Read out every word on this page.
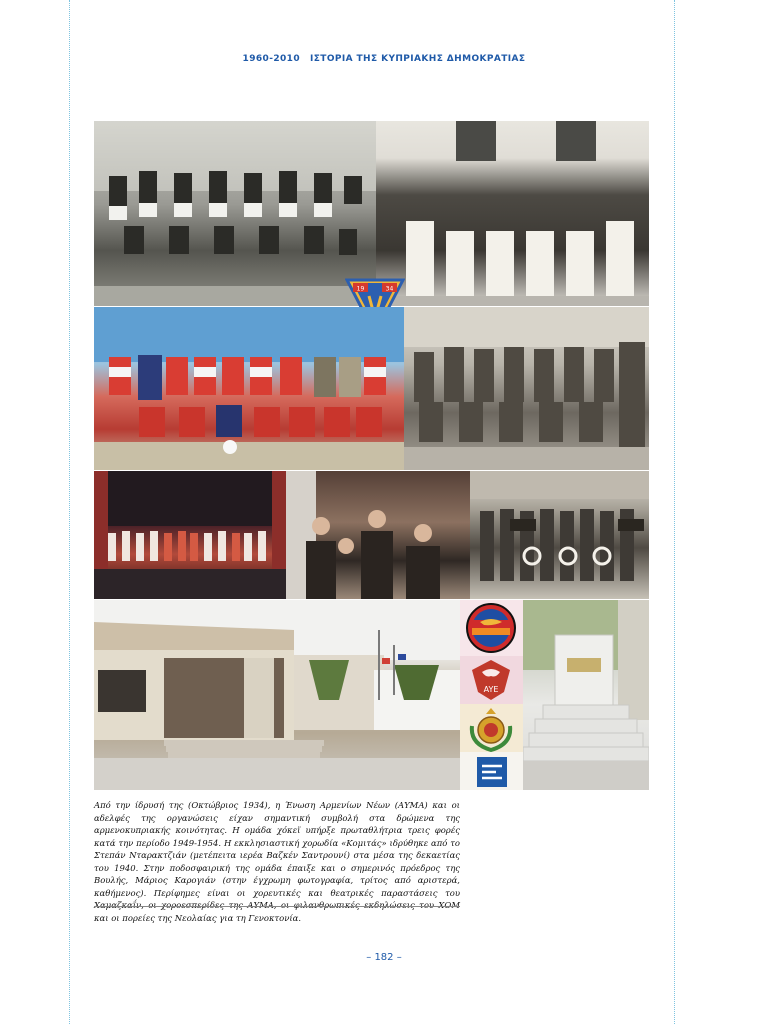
1960-2010 ΙΣΤΟΡΙΑ ΤΗΣ ΚΥΠΡΙΑΚΗΣ ΔΗΜΟΚΡΑΤΙΑΣ
19	34
AYE

Από την ίδρυσή της (Οκτώβριος 1934), η Ένωση Αρμενίων Νέων (ΑΥΜΑ) και οι αδελφές της οργανώσεις είχαν σημαντική συμβολή στα δρώμενα της αρμενοκυπριακής κοινότητας. Η ομάδα χόκεϊ υπήρξε πρωταθλήτρια τρεις φορές κατά την περίοδο 1949-1954. Η εκκλησιαστική χορωδία «Κομιτάς» ιδρύθηκε από το Στεπάν Νταρακτζιάν (μετέπειτα ιερέα Βαζκέν Σαντρουνί) στα μέσα της δεκαετίας του 1940. Στην ποδοσφαιρική της ομάδα έπαιξε και ο σημερινός πρόεδρος της Βουλής, Μάριος Καρογιάν (στην έγχρωμη φωτογραφία, τρίτος από αριστερά, καθήμενος). Περίφημες είναι οι χορευτικές και θεατρικές παραστάσεις του Χαμαζκαΐν, οι χοροεσπερίδες της ΑΥΜΑ, οι φιλανθρωπικές εκδηλώσεις του ΧΟΜ και οι πορείες της Νεολαίας για τη Γενοκτονία.

– 182 –
